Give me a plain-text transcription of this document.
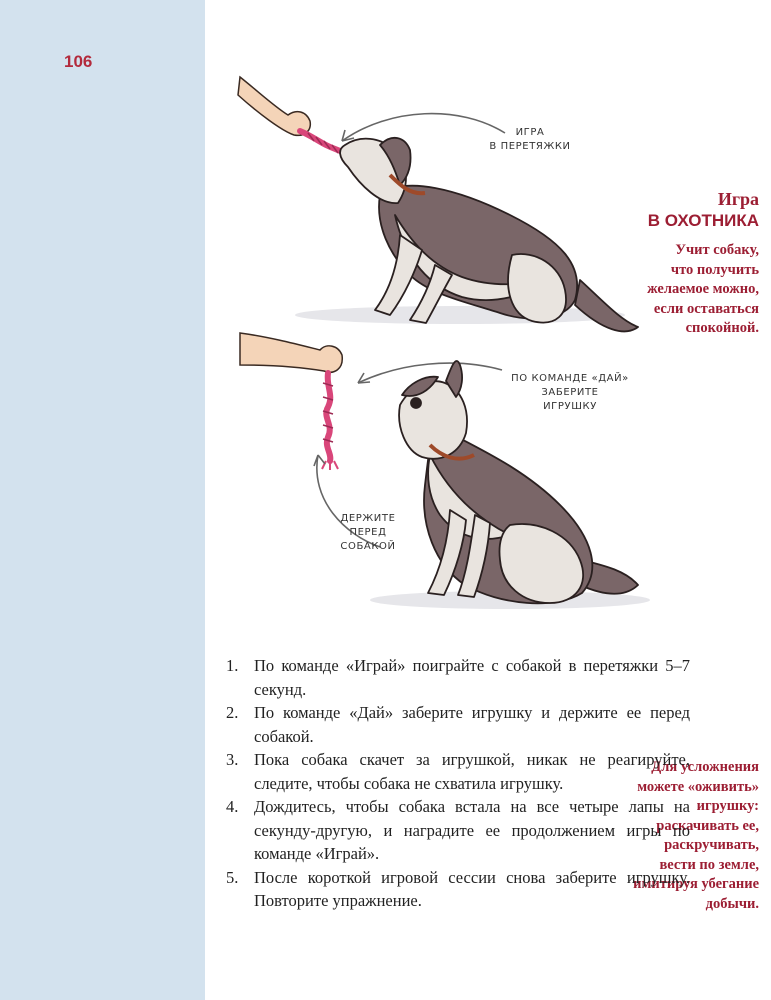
106
Игра
В ОХОТНИКА
Учит собаку,
что получить
желаемое можно,
если оставаться
спокойной.
Для усложнения
можете «оживить»
игрушку:
раскачивать ее,
раскручивать,
вести по земле,
имитируя убегание
добычи.
ИГРА
В ПЕРЕТЯЖКИ
ПО КОМАНДЕ «ДАЙ»
ЗАБЕРИТЕ
ИГРУШКУ
ДЕРЖИТЕ
ПЕРЕД
СОБАКОЙ
1. По команде «Играй» поиграйте с собакой в перетяжки 5–7 секунд.
2. По команде «Дай» заберите игрушку и держите ее перед собакой.
3. Пока собака скачет за игрушкой, никак не реагируйте, следите, чтобы собака не схватила игрушку.
4. Дождитесь, чтобы собака встала на все четыре лапы на секунду-другую, и наградите ее продолжением игры по команде «Играй».
5. После короткой игровой сессии снова заберите игрушку. Повторите упражнение.
